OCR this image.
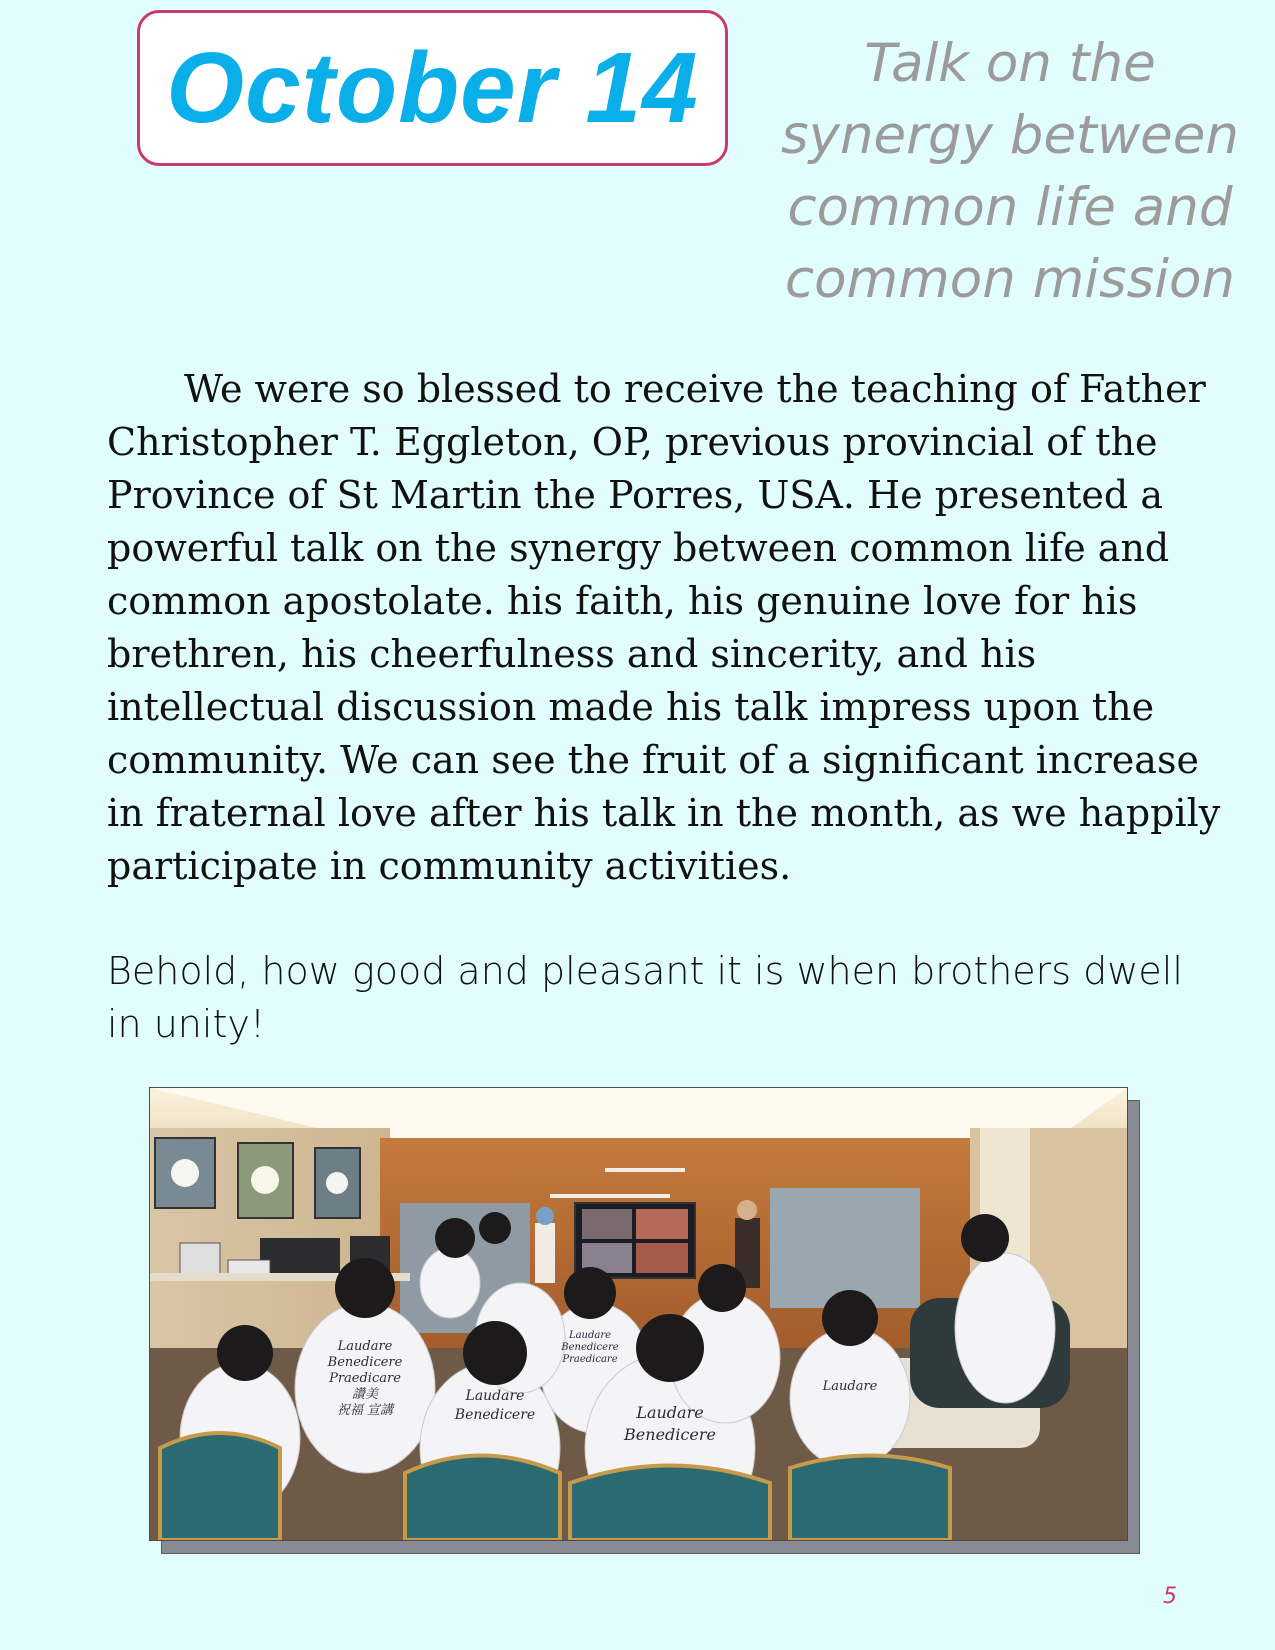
October 14	Talk on the
synergy between
common life and
common mission
We were so blessed to receive the teaching of Father
Christopher T. Eggleton, OP, previous provincial of the
Province of St Martin the Porres, USA. He presented a
powerful talk on the synergy between common life and
common apostolate. his faith, his genuine love for his
brethren, his cheerfulness and sincerity, and his
intellectual discussion made his talk impress upon the
community. We can see the fruit of a significant increase
in fraternal love after his talk in the month, as we happily
participate in community activities.
Behold, how good and pleasant it is when brothers dwell
in unity!
Laudare
Benedicere
Praedicare
讚美
祝福 宣講	Laudare
Benedicere
Laudare
Benedicere
Laudare
Benedicere
Praedicare
Laudare
5
